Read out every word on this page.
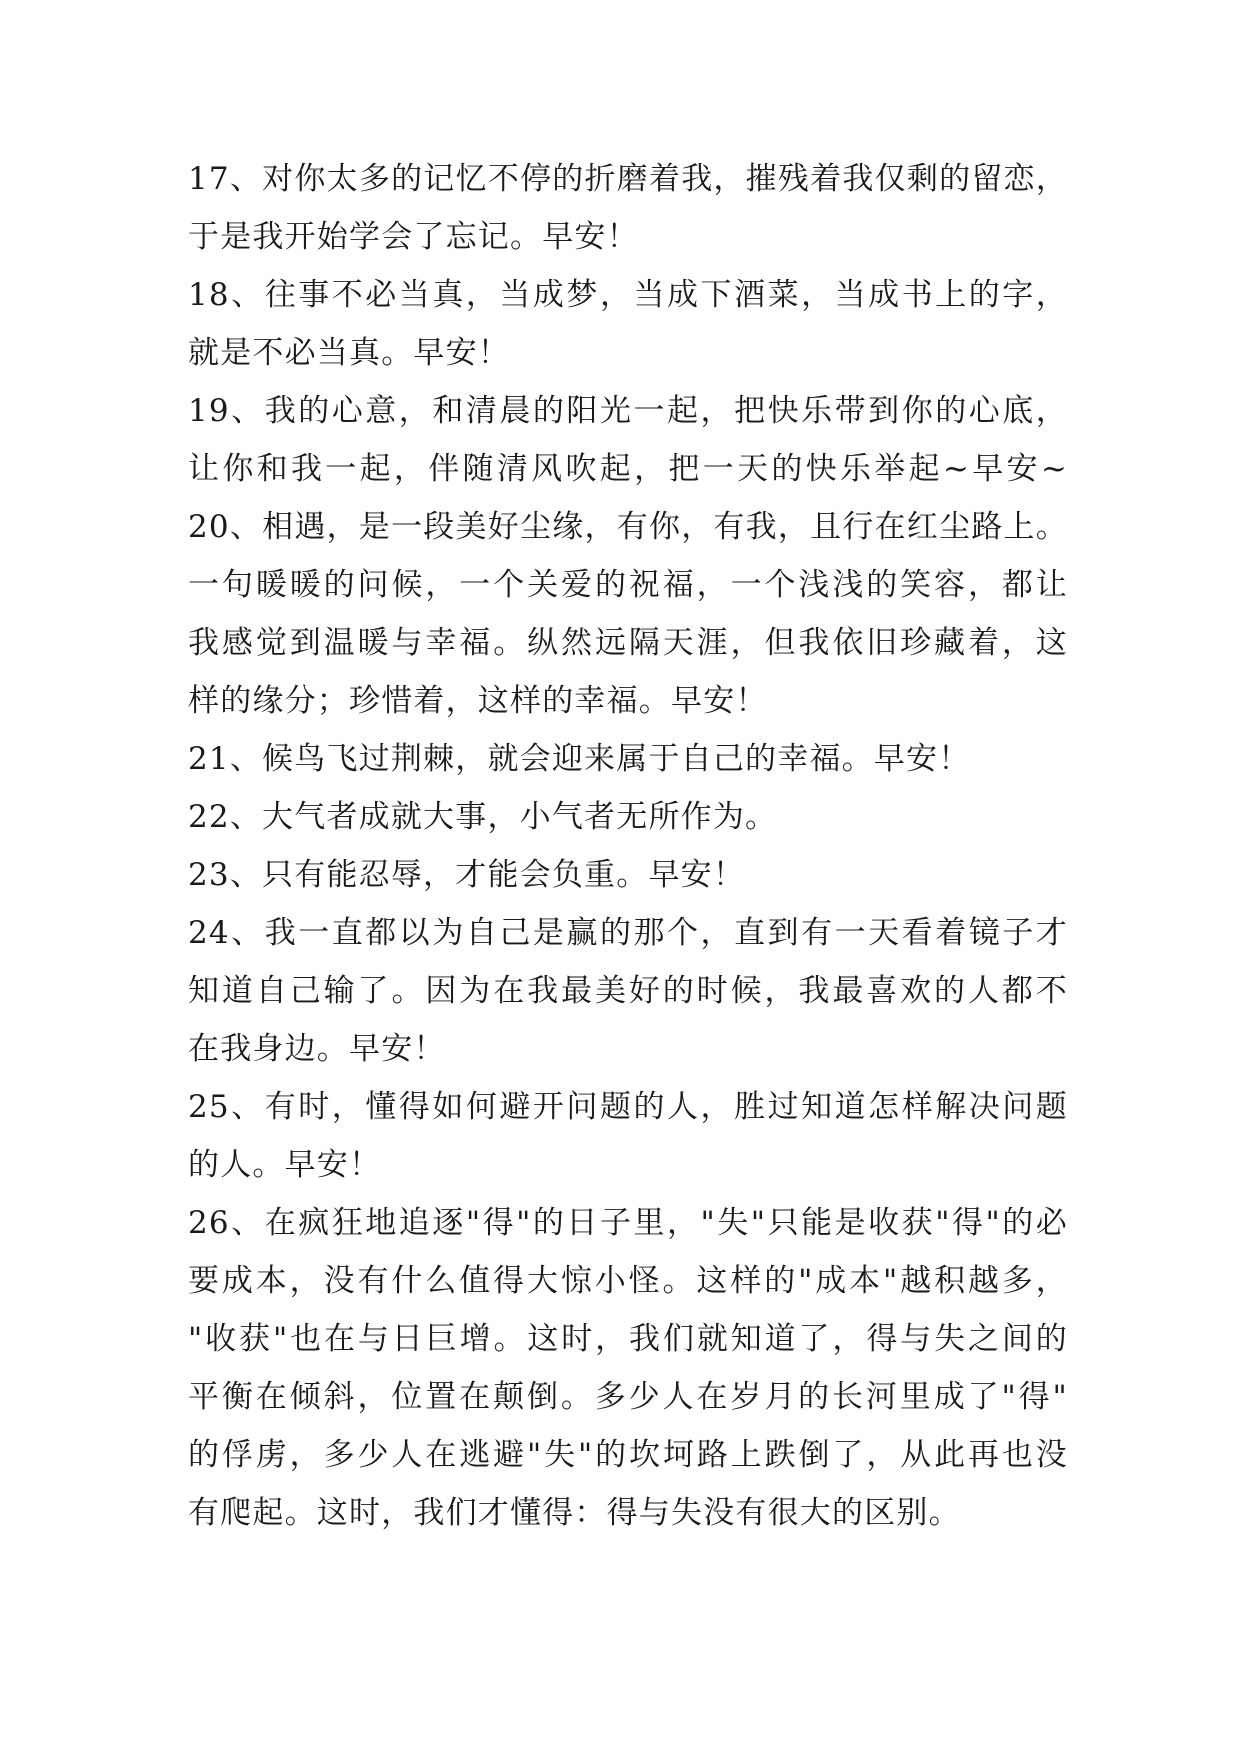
17、对你太多的记忆不停的折磨着我，摧残着我仅剩的留恋，
于是我开始学会了忘记。早安！
18、往事不必当真，当成梦，当成下酒菜，当成书上的字，
就是不必当真。早安！
19、我的心意，和清晨的阳光一起，把快乐带到你的心底，
让你和我一起，伴随清风吹起，把一天的快乐举起~早安~
20、相遇，是一段美好尘缘，有你，有我，且行在红尘路上。
一句暖暖的问候，一个关爱的祝福，一个浅浅的笑容，都让
我感觉到温暖与幸福。纵然远隔天涯，但我依旧珍藏着，这
样的缘分；珍惜着，这样的幸福。早安！
21、候鸟飞过荆棘，就会迎来属于自己的幸福。早安！
22、大气者成就大事，小气者无所作为。
23、只有能忍辱，才能会负重。早安！
24、我一直都以为自己是赢的那个，直到有一天看着镜子才
知道自己输了。因为在我最美好的时候，我最喜欢的人都不
在我身边。早安！
25、有时，懂得如何避开问题的人，胜过知道怎样解决问题
的人。早安！
26、在疯狂地追逐"得"的日子里，"失"只能是收获"得"的必
要成本，没有什么值得大惊小怪。这样的"成本"越积越多，
"收获"也在与日巨增。这时，我们就知道了，得与失之间的
平衡在倾斜，位置在颠倒。多少人在岁月的长河里成了"得"
的俘虏，多少人在逃避"失"的坎坷路上跌倒了，从此再也没
有爬起。这时，我们才懂得：得与失没有很大的区别。
